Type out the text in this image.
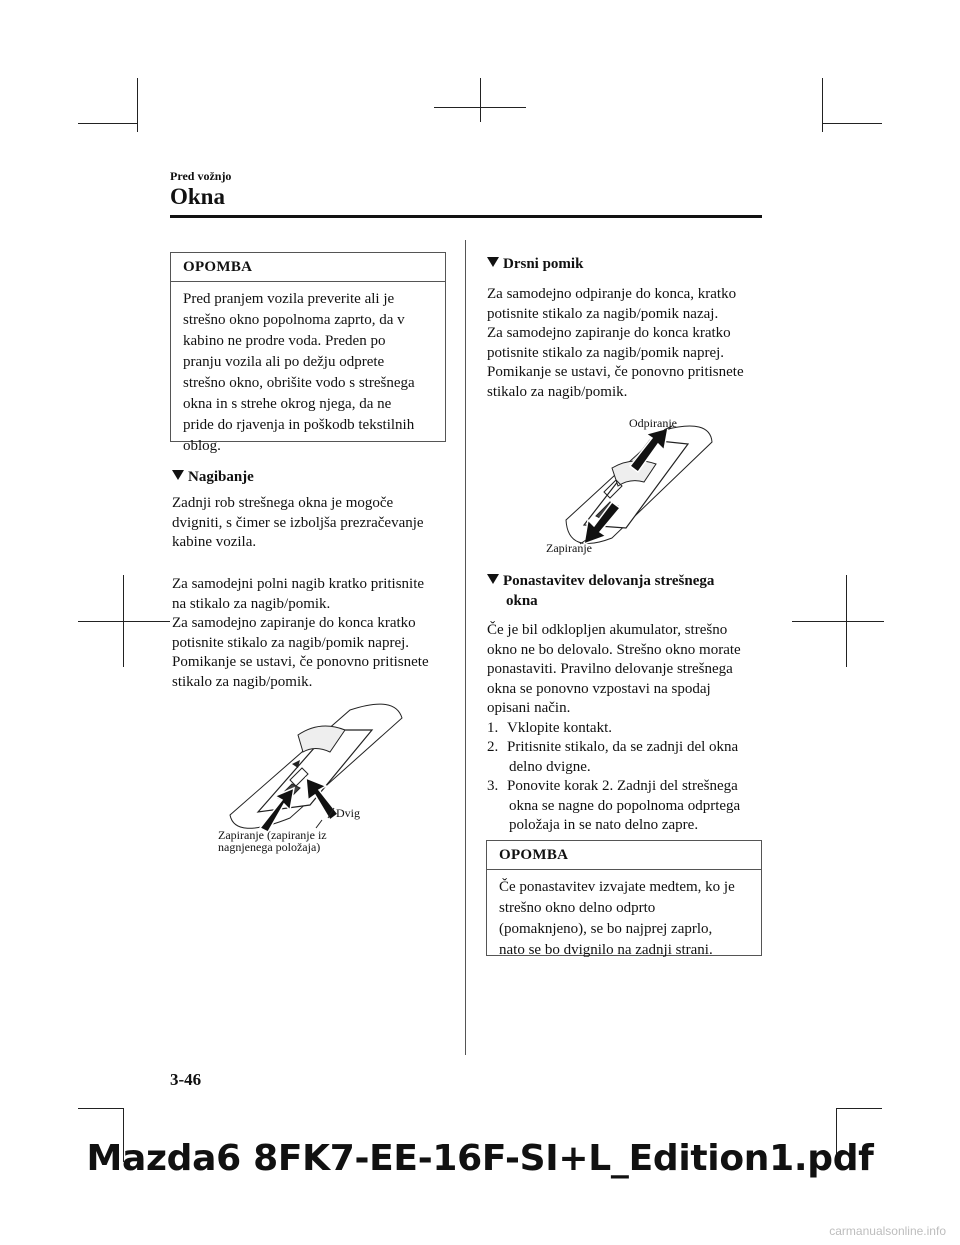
Pred vožnjo
Okna
OPOMBA
Pred pranjem vozila preverite ali je
strešno okno popolnoma zaprto, da v
kabino ne prodre voda. Preden po
pranju vozila ali po dežju odprete
strešno okno, obrišite vodo s strešnega
okna in s strehe okrog njega, da ne
pride do rjavenja in poškodb tekstilnih
oblog.
Nagibanje
Zadnji rob strešnega okna je mogoče
dvigniti, s čimer se izboljša prezračevanje
kabine vozila.
Za samodejni polni nagib kratko pritisnite
na stikalo za nagib/pomik.
Za samodejno zapiranje do konca kratko
potisnite stikalo za nagib/pomik naprej.
Pomikanje se ustavi, če ponovno pritisnete
stikalo za nagib/pomik.
Dvig
Zapiranje (zapiranje iz
nagnjenega položaja)
Drsni pomik
Za samodejno odpiranje do konca, kratko
potisnite stikalo za nagib/pomik nazaj.
Za samodejno zapiranje do konca kratko
potisnite stikalo za nagib/pomik naprej.
Pomikanje se ustavi, če ponovno pritisnete
stikalo za nagib/pomik.
Odpiranje
Zapiranje
Ponastavitev delovanja strešnega
okna
Če je bil odklopljen akumulator, strešno
okno ne bo delovalo. Strešno okno morate
ponastaviti. Pravilno delovanje strešnega
okna se ponovno vzpostavi na spodaj
opisani način.
1. Vklopite kontakt.
2. Pritisnite stikalo, da se zadnji del okna
delno dvigne.
3. Ponovite korak 2. Zadnji del strešnega
okna se nagne do popolnoma odprtega
položaja in se nato delno zapre.
OPOMBA
Če ponastavitev izvajate medtem, ko je
strešno okno delno odprto
(pomaknjeno), se bo najprej zaprlo,
nato se bo dvignilo na zadnji strani.
3-46
Mazda6 8FK7-EE-16F-SI+L_Edition1.pdf
carmanualsonline.info
